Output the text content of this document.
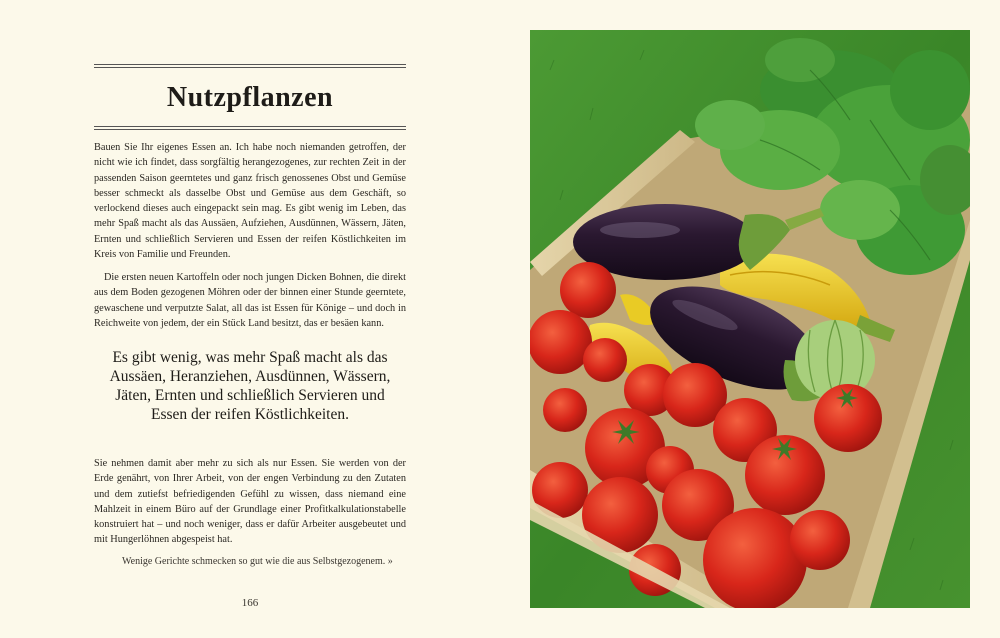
Nutzpflanzen

Bauen Sie Ihr eigenes Essen an. Ich habe noch niemanden getroffen, der nicht wie ich findet, dass sorgfältig herangezogenes, zur rechten Zeit in der passenden Saison geerntetes und ganz frisch genossenes Obst und Gemüse besser schmeckt als dasselbe Obst und Gemüse aus dem Geschäft, so verlockend dieses auch eingepackt sein mag. Es gibt wenig im Leben, das mehr Spaß macht als das Aussäen, Aufziehen, Ausdünnen, Wässern, Jäten, Ernten und schließlich Servieren und Essen der reifen Köstlichkeiten im Kreis von Familie und Freunden.

Die ersten neuen Kartoffeln oder noch jungen Dicken Bohnen, die direkt aus dem Boden gezogenen Möhren oder der binnen einer Stunde geerntete, gewaschene und verputzte Salat, all das ist Essen für Könige – und doch in Reichweite von jedem, der ein Stück Land besitzt, das er besäen kann.

Es gibt wenig, was mehr Spaß macht als das Aussäen, Heranziehen, Ausdünnen, Wässern, Jäten, Ernten und schließlich Servieren und Essen der reifen Köstlichkeiten.

Sie nehmen damit aber mehr zu sich als nur Essen. Sie werden von der Erde genährt, von Ihrer Arbeit, von der engen Verbindung zu den Zutaten und dem zutiefst befriedigenden Gefühl zu wissen, dass niemand eine Mahlzeit in einem Büro auf der Grundlage einer Profitkalkulationstabelle konstruiert hat – und noch weniger, dass er dafür Arbeiter ausgebeutet und mit Hungerlöhnen abgespeist hat.

Wenige Gerichte schmecken so gut wie die aus Selbstgezogenem. »

166
